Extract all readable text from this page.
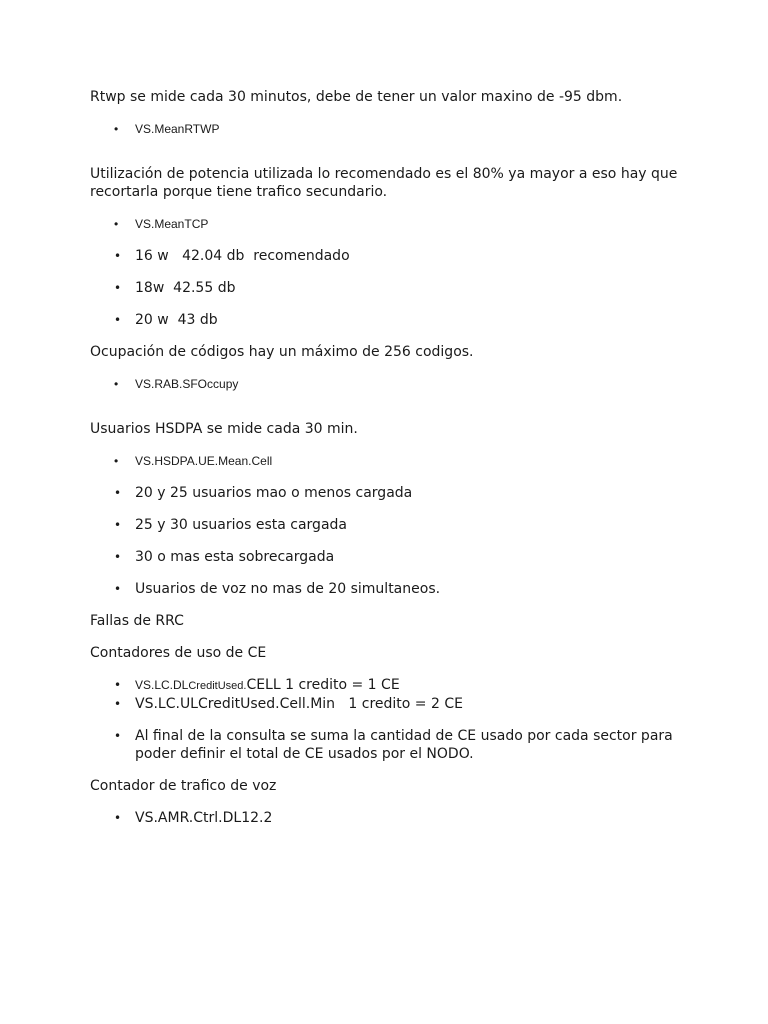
Rtwp se mide cada 30 minutos, debe de tener un valor maxino de -95 dbm.

• VS.MeanRTWP

Utilización de potencia utilizada lo recomendado es el 80% ya mayor a eso hay que recortarla porque tiene trafico secundario.

• VS.MeanTCP
• 16 w   42.04 db  recomendado
• 18w  42.55 db
• 20 w  43 db

Ocupación de códigos hay un máximo de 256 codigos.

• VS.RAB.SFOccupy

Usuarios HSDPA se mide cada 30 min.

• VS.HSDPA.UE.Mean.Cell
• 20 y 25 usuarios mao o menos cargada
• 25 y 30 usuarios esta cargada
• 30 o mas esta sobrecargada
• Usuarios de voz no mas de 20 simultaneos.

Fallas de RRC

Contadores de uso de CE

• VS.LC.DLCreditUsed.CELL 1 credito = 1 CE
• VS.LC.ULCreditUsed.Cell.Min   1 credito = 2 CE
• Al final de la consulta se suma la cantidad de CE usado por cada sector para poder definir el total de CE usados por el NODO.

Contador de trafico de voz

• VS.AMR.Ctrl.DL12.2
